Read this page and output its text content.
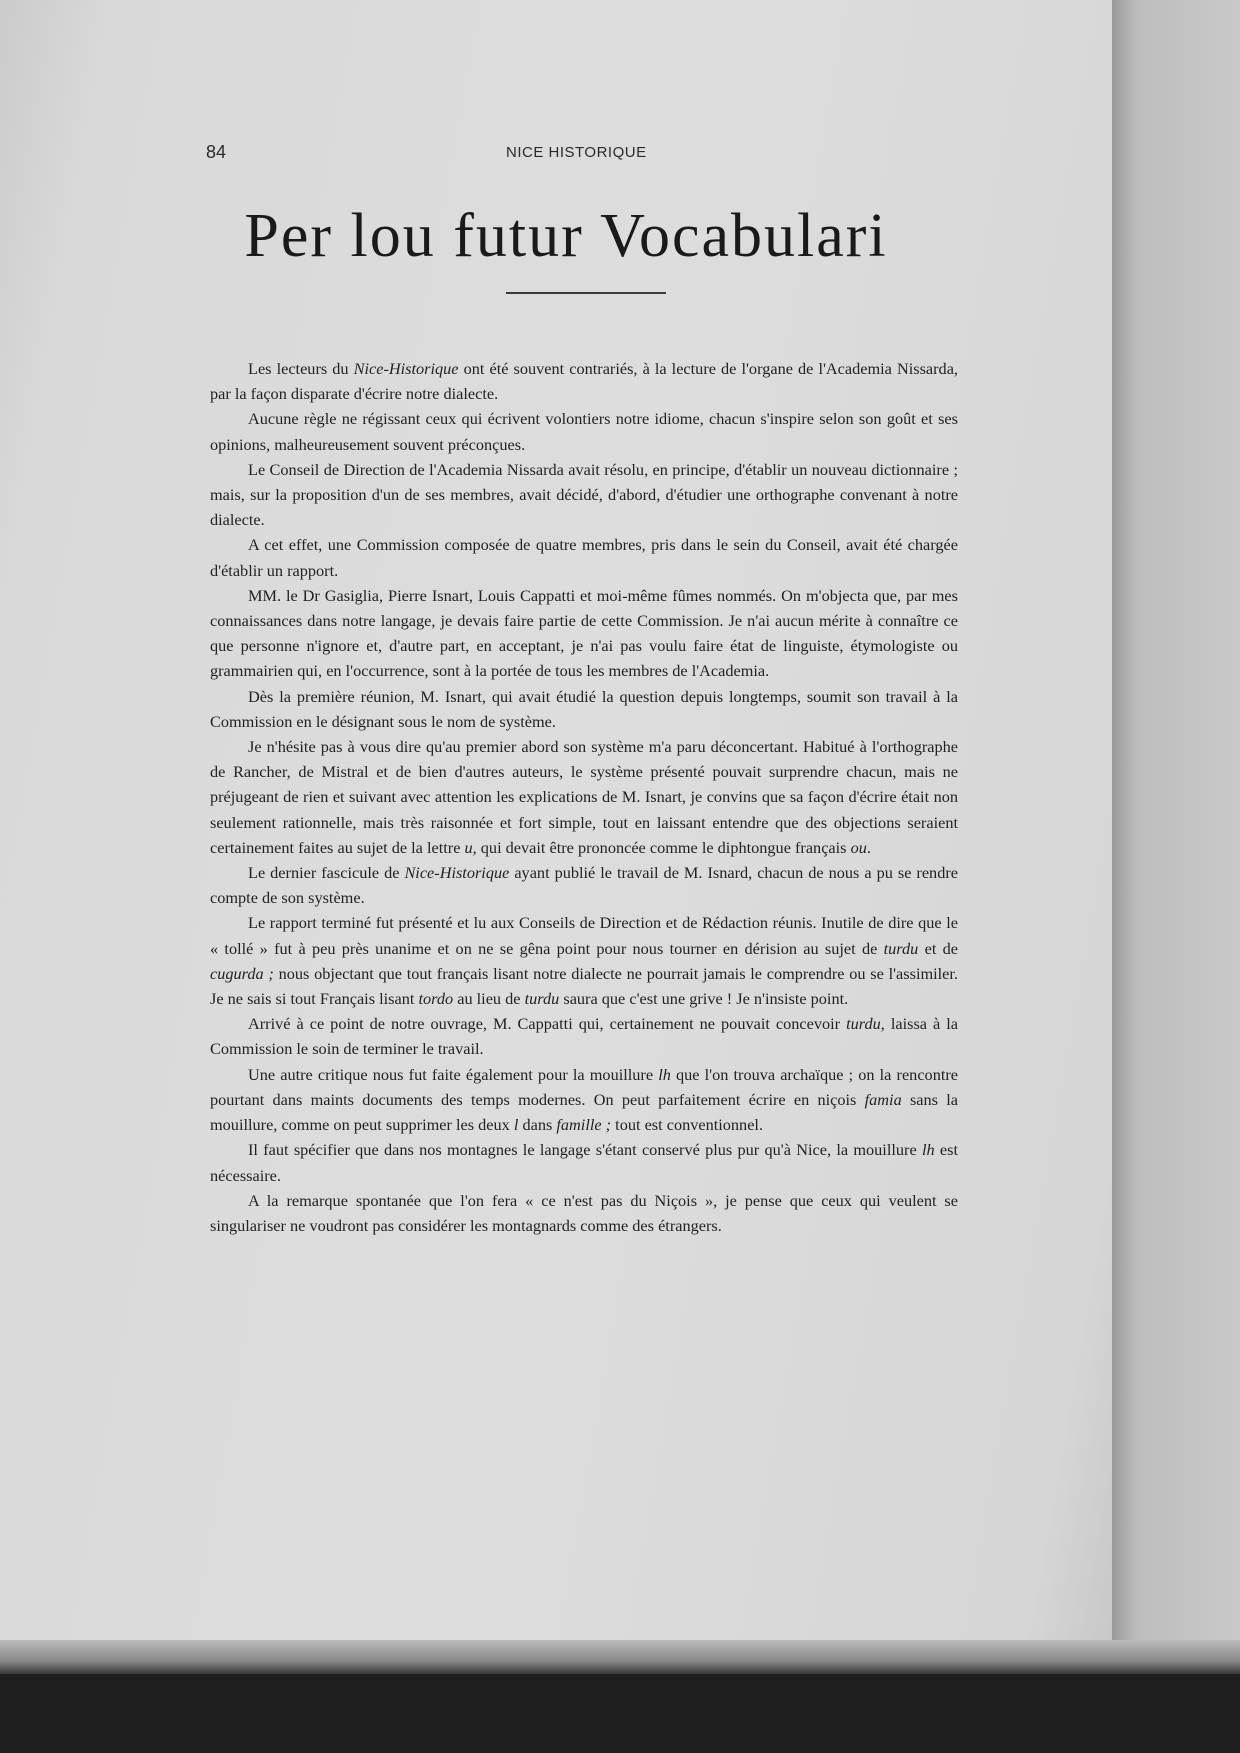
84	NICE HISTORIQUE
Per lou futur Vocabulari

Les lecteurs du Nice-Historique ont été souvent contrariés, à la lecture de l'organe de l'Academia Nissarda, par la façon disparate d'écrire notre dialecte.

Aucune règle ne régissant ceux qui écrivent volontiers notre idiome, chacun s'inspire selon son goût et ses opinions, malheureusement souvent préconçues.

Le Conseil de Direction de l'Academia Nissarda avait résolu, en principe, d'établir un nouveau dictionnaire ; mais, sur la proposition d'un de ses membres, avait décidé, d'abord, d'étudier une orthographe convenant à notre dialecte.

A cet effet, une Commission composée de quatre membres, pris dans le sein du Conseil, avait été chargée d'établir un rapport.

MM. le Dr Gasiglia, Pierre Isnart, Louis Cappatti et moi-même fûmes nommés. On m'objecta que, par mes connaissances dans notre langage, je devais faire partie de cette Commission. Je n'ai aucun mérite à connaître ce que personne n'ignore et, d'autre part, en acceptant, je n'ai pas voulu faire état de linguiste, étymologiste ou grammairien qui, en l'occurrence, sont à la portée de tous les membres de l'Academia.

Dès la première réunion, M. Isnart, qui avait étudié la question depuis longtemps, soumit son travail à la Commission en le désignant sous le nom de système.

Je n'hésite pas à vous dire qu'au premier abord son système m'a paru déconcertant. Habitué à l'orthographe de Rancher, de Mistral et de bien d'autres auteurs, le système présenté pouvait surprendre chacun, mais ne préjugeant de rien et suivant avec attention les explications de M. Isnart, je convins que sa façon d'écrire était non seulement rationnelle, mais très raisonnée et fort simple, tout en laissant entendre que des objections seraient certainement faites au sujet de la lettre u, qui devait être prononcée comme le diphtongue français ou.

Le dernier fascicule de Nice-Historique ayant publié le travail de M. Isnard, chacun de nous a pu se rendre compte de son système.

Le rapport terminé fut présenté et lu aux Conseils de Direction et de Rédaction réunis. Inutile de dire que le « tollé » fut à peu près unanime et on ne se gêna point pour nous tourner en dérision au sujet de turdu et de cugurda ; nous objectant que tout français lisant notre dialecte ne pourrait jamais le comprendre ou se l'assimiler. Je ne sais si tout Français lisant tordo au lieu de turdu saura que c'est une grive ! Je n'insiste point.

Arrivé à ce point de notre ouvrage, M. Cappatti qui, certainement ne pouvait concevoir turdu, laissa à la Commission le soin de terminer le travail.

Une autre critique nous fut faite également pour la mouillure lh que l'on trouva archaïque ; on la rencontre pourtant dans maints documents des temps modernes. On peut parfaitement écrire en niçois famia sans la mouillure, comme on peut supprimer les deux l dans famille ; tout est conventionnel.

Il faut spécifier que dans nos montagnes le langage s'étant conservé plus pur qu'à Nice, la mouillure lh est nécessaire.

A la remarque spontanée que l'on fera « ce n'est pas du Niçois », je pense que ceux qui veulent se singulariser ne voudront pas considérer les montagnards comme des étrangers.
